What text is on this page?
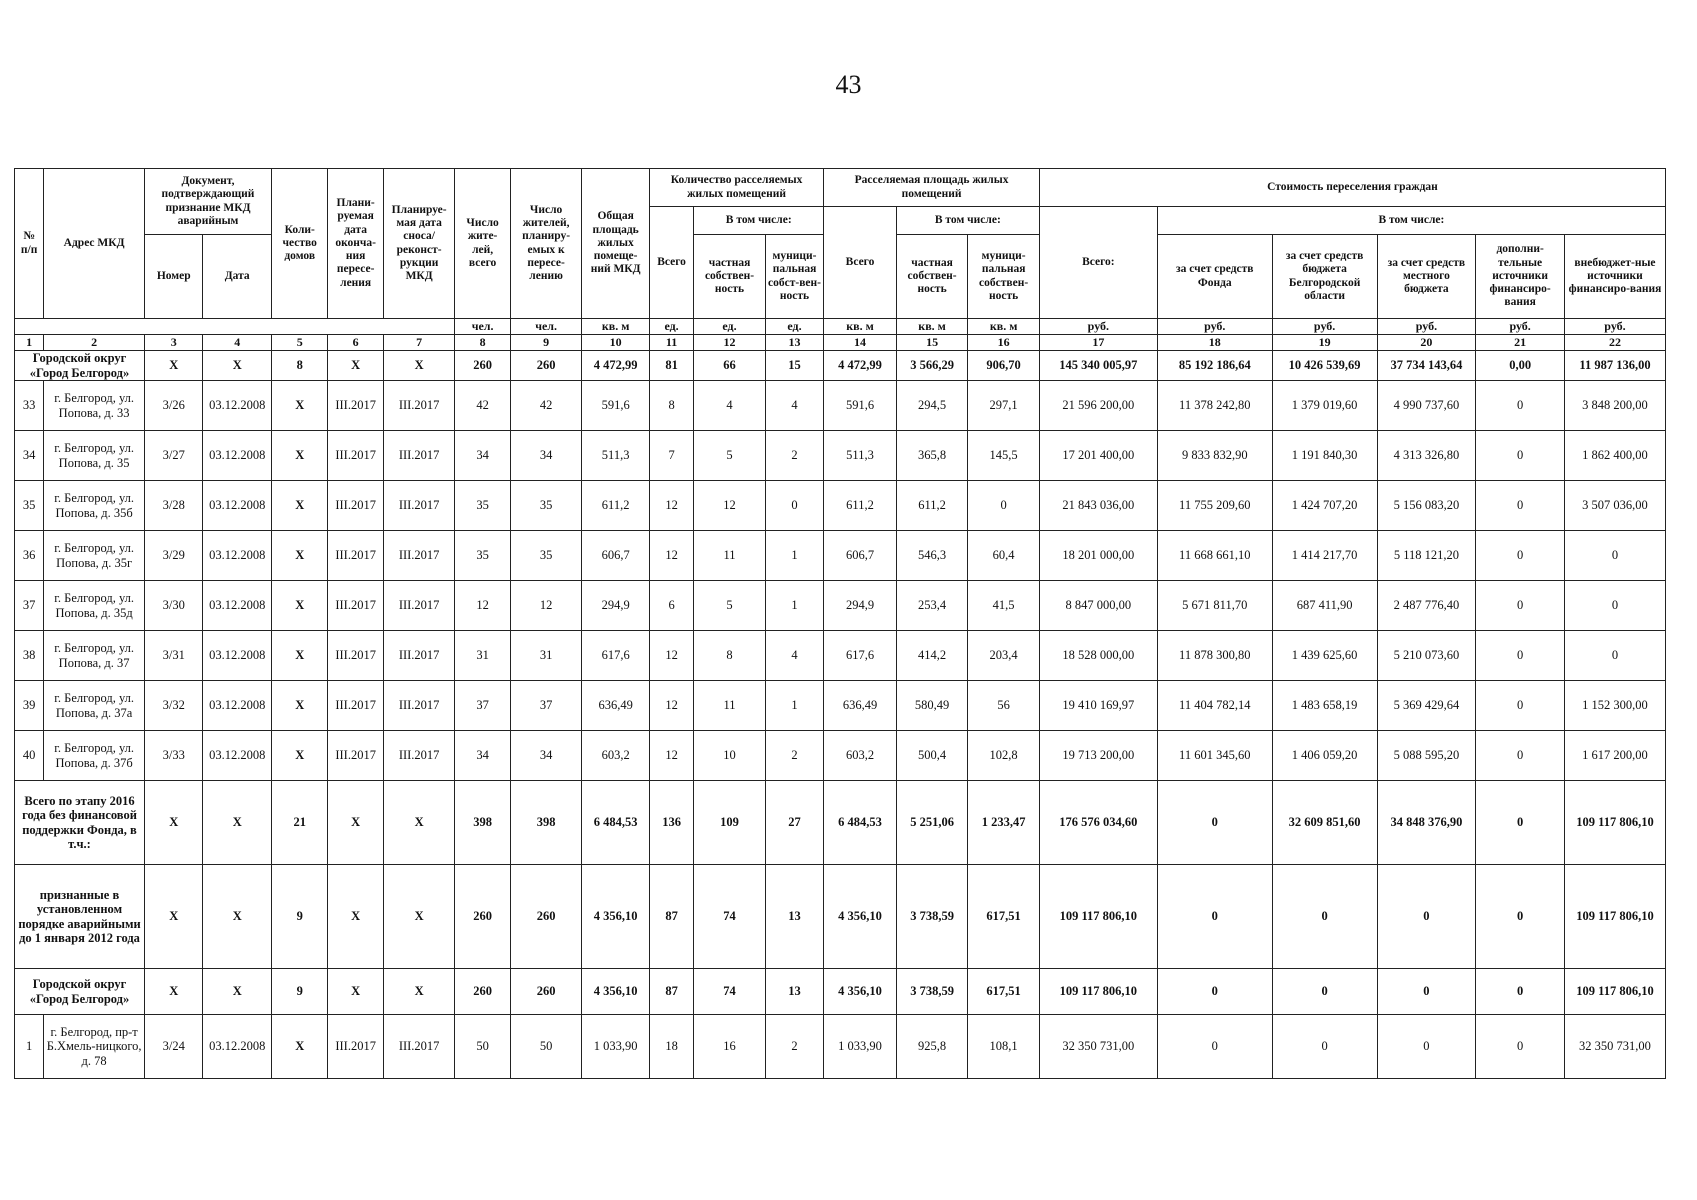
43
№ п/п	Адрес МКД	Документ, подтверждающий признание МКД аварийным		Коли-чество домов	Плани-руемая дата оконча-ния пересе-ления	Планируе-мая дата сноса/ реконст-рукции МКД	Число жите-лей, всего	Число жителей, планиру-емых к пересе-лению	Общая площадь жилых помеще-ний МКД	Количество расселяемых жилых помещений			Расселяемая площадь жилых помещений			Стоимость переселения граждан					
										Всего	В том числе:		Всего	В том числе:		Всего:	В том числе:				
		Номер	Дата								частная собствен-ность	муници-пальная собст-вен-ность		частная собствен-ность	муници-пальная собствен-ность		за счет средств Фонда	за счет средств бюджета Белгородской области	за счет средств местного бюджета	дополни-тельные источники финансиро-вания	внебюджет-ные источники финансиро-вания
							чел.	чел.	кв. м	ед.	ед.	ед.	кв. м	кв. м	кв. м	руб.	руб.	руб.	руб.	руб.	руб.
1	2	3	4	5	6	7	8	9	10	11	12	13	14	15	16	17	18	19	20	21	22
Городской округ «Город Белгород»		X	X	8	X	X	260	260	4 472,99	81	66	15	4 472,99	3 566,29	906,70	145 340 005,97	85 192 186,64	10 426 539,69	37 734 143,64	0,00	11 987 136,00
33	г. Белгород, ул. Попова, д. 33	3/26	03.12.2008	X	III.2017	III.2017	42	42	591,6	8	4	4	591,6	294,5	297,1	21 596 200,00	11 378 242,80	1 379 019,60	4 990 737,60	0	3 848 200,00
34	г. Белгород, ул. Попова, д. 35	3/27	03.12.2008	X	III.2017	III.2017	34	34	511,3	7	5	2	511,3	365,8	145,5	17 201 400,00	9 833 832,90	1 191 840,30	4 313 326,80	0	1 862 400,00
35	г. Белгород, ул. Попова, д. 35б	3/28	03.12.2008	X	III.2017	III.2017	35	35	611,2	12	12	0	611,2	611,2	0	21 843 036,00	11 755 209,60	1 424 707,20	5 156 083,20	0	3 507 036,00
36	г. Белгород, ул. Попова, д. 35г	3/29	03.12.2008	X	III.2017	III.2017	35	35	606,7	12	11	1	606,7	546,3	60,4	18 201 000,00	11 668 661,10	1 414 217,70	5 118 121,20	0	0
37	г. Белгород, ул. Попова, д. 35д	3/30	03.12.2008	X	III.2017	III.2017	12	12	294,9	6	5	1	294,9	253,4	41,5	8 847 000,00	5 671 811,70	687 411,90	2 487 776,40	0	0
38	г. Белгород, ул. Попова, д. 37	3/31	03.12.2008	X	III.2017	III.2017	31	31	617,6	12	8	4	617,6	414,2	203,4	18 528 000,00	11 878 300,80	1 439 625,60	5 210 073,60	0	0
39	г. Белгород, ул. Попова, д. 37а	3/32	03.12.2008	X	III.2017	III.2017	37	37	636,49	12	11	1	636,49	580,49	56	19 410 169,97	11 404 782,14	1 483 658,19	5 369 429,64	0	1 152 300,00
40	г. Белгород, ул. Попова, д. 37б	3/33	03.12.2008	X	III.2017	III.2017	34	34	603,2	12	10	2	603,2	500,4	102,8	19 713 200,00	11 601 345,60	1 406 059,20	5 088 595,20	0	1 617 200,00
Всего по этапу 2016 года без финансовой поддержки Фонда, в т.ч.:		X	X	21	X	X	398	398	6 484,53	136	109	27	6 484,53	5 251,06	1 233,47	176 576 034,60	0	32 609 851,60	34 848 376,90	0	109 117 806,10
признанные в установленном порядке аварийными до 1 января 2012 года		X	X	9	X	X	260	260	4 356,10	87	74	13	4 356,10	3 738,59	617,51	109 117 806,10	0	0	0	0	109 117 806,10
Городской округ «Город Белгород»		X	X	9	X	X	260	260	4 356,10	87	74	13	4 356,10	3 738,59	617,51	109 117 806,10	0	0	0	0	109 117 806,10
1	г. Белгород, пр-т Б.Хмель-ницкого, д. 78	3/24	03.12.2008	X	III.2017	III.2017	50	50	1 033,90	18	16	2	1 033,90	925,8	108,1	32 350 731,00	0	0	0	0	32 350 731,00
